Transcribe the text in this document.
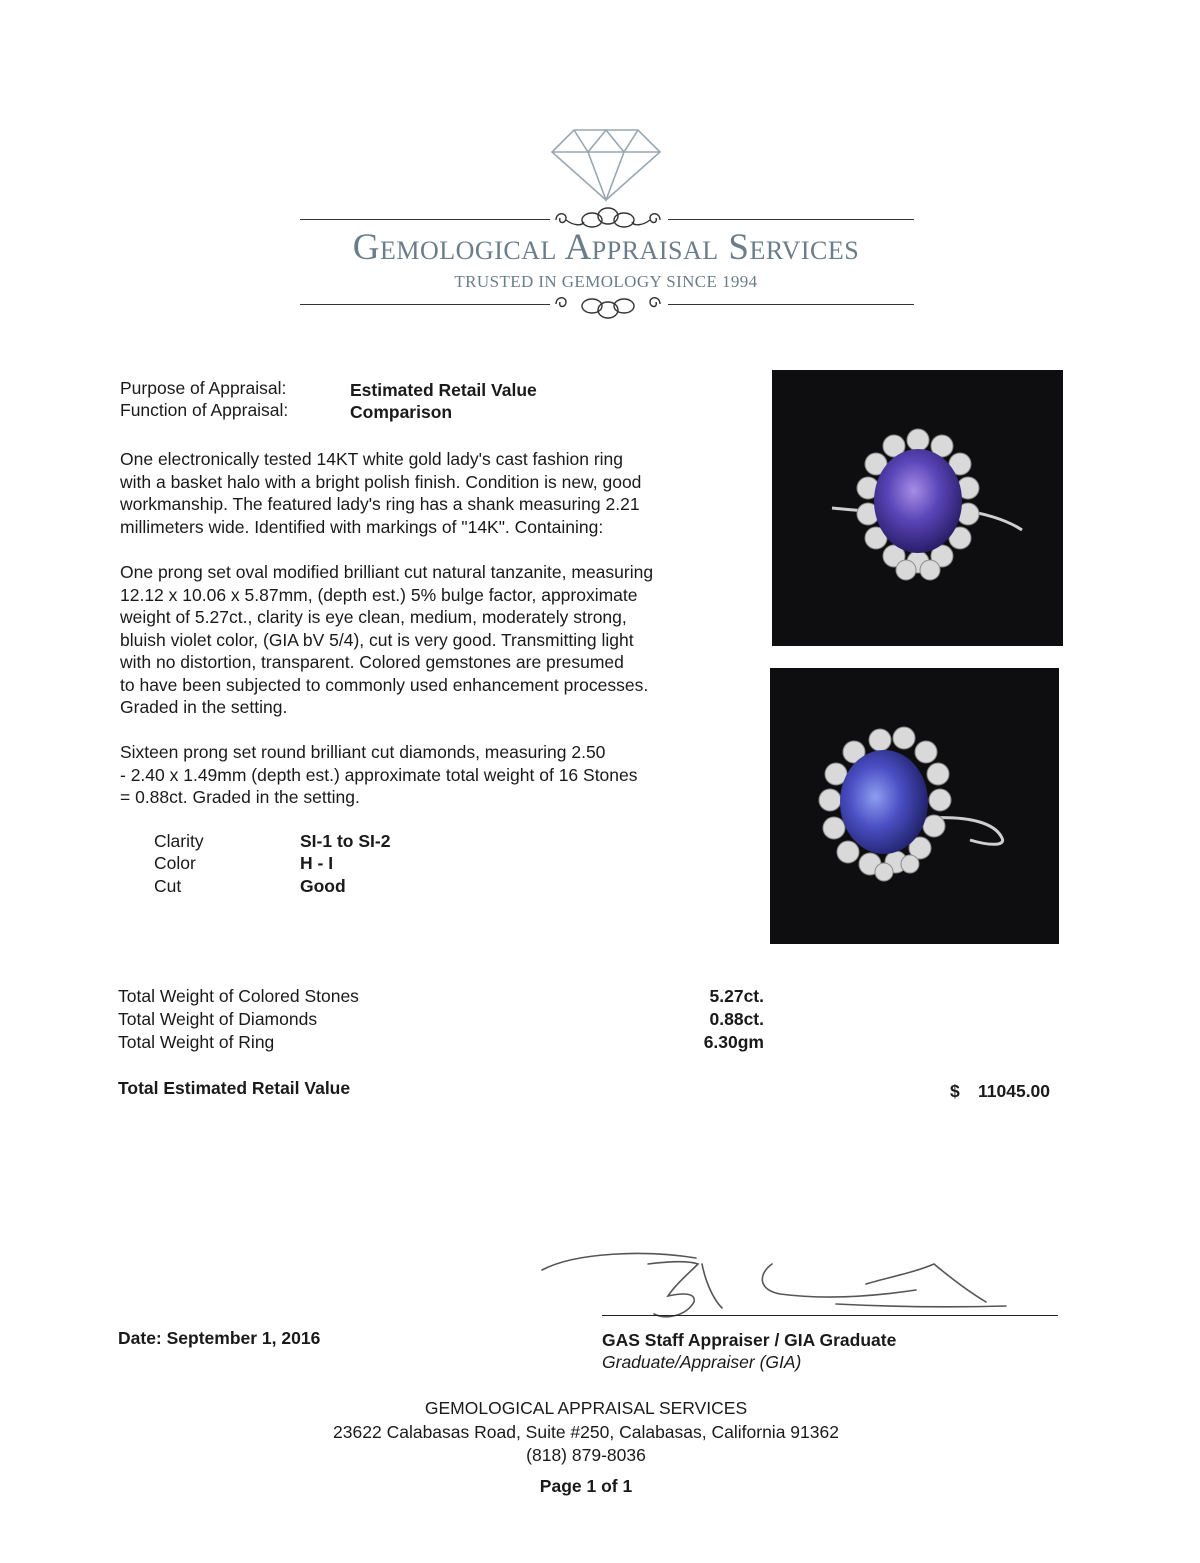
Gemological Appraisal Services
TRUSTED IN GEMOLOGY SINCE 1994
Purpose of Appraisal:	Estimated Retail Value
Function of Appraisal:	Comparison
One electronically tested 14KT white gold lady's cast fashion ring
with a basket halo with a bright polish finish. Condition is new, good
workmanship. The featured lady's ring has a shank measuring 2.21
millimeters wide. Identified with markings of "14K". Containing:
One prong set oval modified brilliant cut natural tanzanite, measuring
12.12 x 10.06 x 5.87mm, (depth est.) 5% bulge factor, approximate
weight of 5.27ct., clarity is eye clean, medium, moderately strong,
bluish violet color, (GIA bV 5/4), cut is very good. Transmitting light
with no distortion, transparent. Colored gemstones are presumed
to have been subjected to commonly used enhancement processes.
Graded in the setting.
Sixteen prong set round brilliant cut diamonds, measuring 2.50
- 2.40 x 1.49mm (depth est.) approximate total weight of 16 Stones
= 0.88ct. Graded in the setting.
Clarity	SI-1 to SI-2
Color	H - I
Cut	Good
Total Weight of Colored Stones	5.27ct.
Total Weight of Diamonds	0.88ct.
Total Weight of Ring	6.30gm
Total Estimated Retail Value	$ 11045.00
Date: September 1, 2016	GAS Staff Appraiser / GIA Graduate
Graduate/Appraiser (GIA)
GEMOLOGICAL APPRAISAL SERVICES
23622 Calabasas Road, Suite #250, Calabasas, California 91362
(818) 879-8036
Page 1 of 1
